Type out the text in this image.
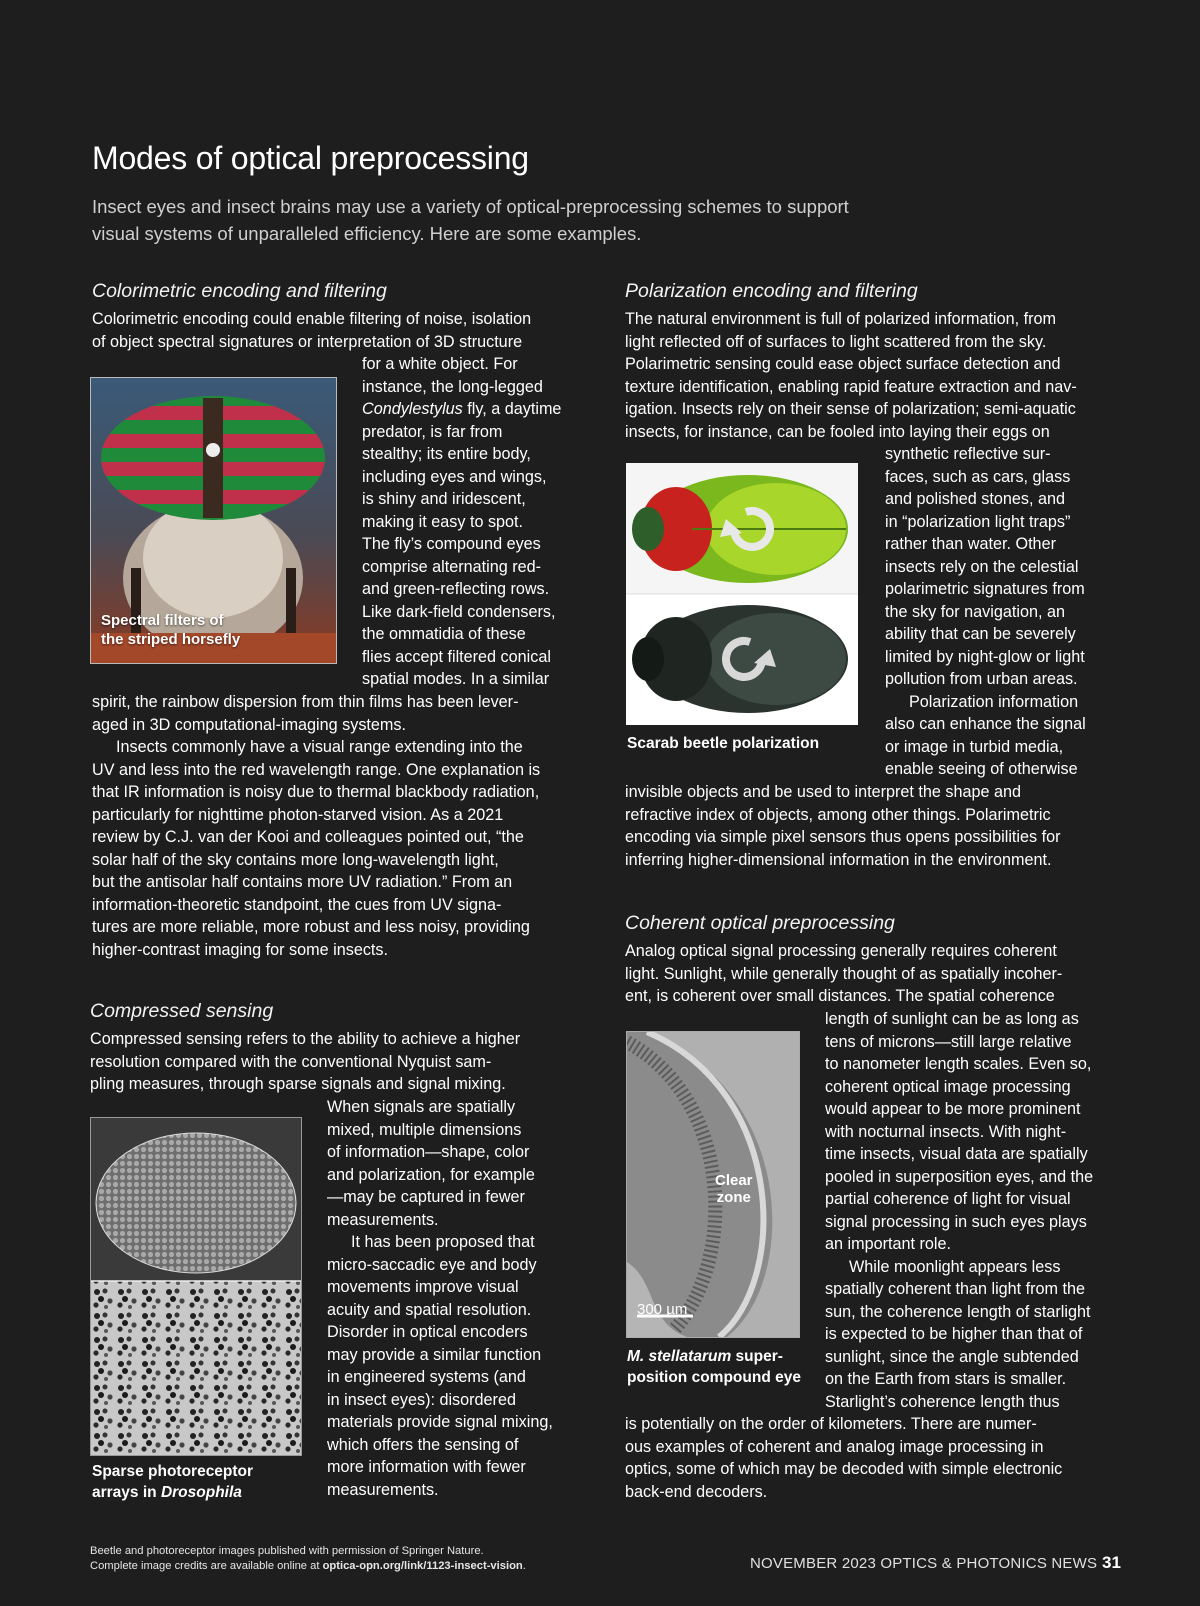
Modes of optical preprocessing
Insect eyes and insect brains may use a variety of optical-preprocessing schemes to support visual systems of unparalleled efficiency. Here are some examples.
Colorimetric encoding and filtering

Colorimetric encoding could enable filtering of noise, isolation

of object spectral signatures or interpretation of 3D structure

for a white object. For

instance, the long-legged

Condylestylus fly, a daytime

predator, is far from

stealthy; its entire body,

including eyes and wings,

is shiny and iridescent,

making it easy to spot.

The fly’s compound eyes

comprise alternating red-

and green-reflecting rows.

Like dark-field condensers,

the ommatidia of these

flies accept filtered conical

spatial modes. In a similar

spirit, the rainbow dispersion from thin films has been lever-

aged in 3D computational-imaging systems.

Insects commonly have a visual range extending into the

UV and less into the red wavelength range. One explanation is

that IR information is noisy due to thermal blackbody radiation,

particularly for nighttime photon-starved vision. As a 2021

review by C.J. van der Kooi and colleagues pointed out, “the

solar half of the sky contains more long-wavelength light,

but the antisolar half contains more UV radiation.” From an

information-theoretic standpoint, the cues from UV signa-

tures are more reliable, more robust and less noisy, providing

higher-contrast imaging for some insects.

Spectral filters of
the striped horsefly
Compressed sensing

Compressed sensing refers to the ability to achieve a higher

resolution compared with the conventional Nyquist sam-

pling measures, through sparse signals and signal mixing.

When signals are spatially

mixed, multiple dimensions

of information—shape, color

and polarization, for example

—may be captured in fewer

measurements.

It has been proposed that

micro-saccadic eye and body

movements improve visual

acuity and spatial resolution.

Disorder in optical encoders

may provide a similar function

in engineered systems (and

in insect eyes): disordered

materials provide signal mixing,

which offers the sensing of

more information with fewer

measurements.

Sparse photoreceptor
arrays in Drosophila
Polarization encoding and filtering

The natural environment is full of polarized information, from

light reflected off of surfaces to light scattered from the sky.

Polarimetric sensing could ease object surface detection and

texture identification, enabling rapid feature extraction and nav-

igation. Insects rely on their sense of polarization; semi-aquatic

insects, for instance, can be fooled into laying their eggs on

synthetic reflective sur-

faces, such as cars, glass

and polished stones, and

in “polarization light traps”

rather than water. Other

insects rely on the celestial

polarimetric signatures from

the sky for navigation, an

ability that can be severely

limited by night-glow or light

pollution from urban areas.

Polarization information

also can enhance the signal

or image in turbid media,

enable seeing of otherwise

invisible objects and be used to interpret the shape and

refractive index of objects, among other things. Polarimetric

encoding via simple pixel sensors thus opens possibilities for

inferring higher-dimensional information in the environment.

Scarab beetle polarization
Coherent optical preprocessing

Analog optical signal processing generally requires coherent

light. Sunlight, while generally thought of as spatially incoher-

ent, is coherent over small distances. The spatial coherence

length of sunlight can be as long as

tens of microns—still large relative

to nanometer length scales. Even so,

coherent optical image processing

would appear to be more prominent

with nocturnal insects. With night-

time insects, visual data are spatially

pooled in superposition eyes, and the

partial coherence of light for visual

signal processing in such eyes plays

an important role.

While moonlight appears less

spatially coherent than light from the

sun, the coherence length of starlight

is expected to be higher than that of

sunlight, since the angle subtended

on the Earth from stars is smaller.

Starlight’s coherence length thus

is potentially on the order of kilometers. There are numer-

ous examples of coherent and analog image processing in

optics, some of which may be decoded with simple electronic

back-end decoders.

Clear
zone
300 µm
M. stellatarum super-
position compound eye
Beetle and photoreceptor images published with permission of Springer Nature.
Complete image credits are available online at optica-opn.org/link/1123-insect-vision.	NOVEMBER 2023 OPTICS & PHOTONICS NEWS 31
